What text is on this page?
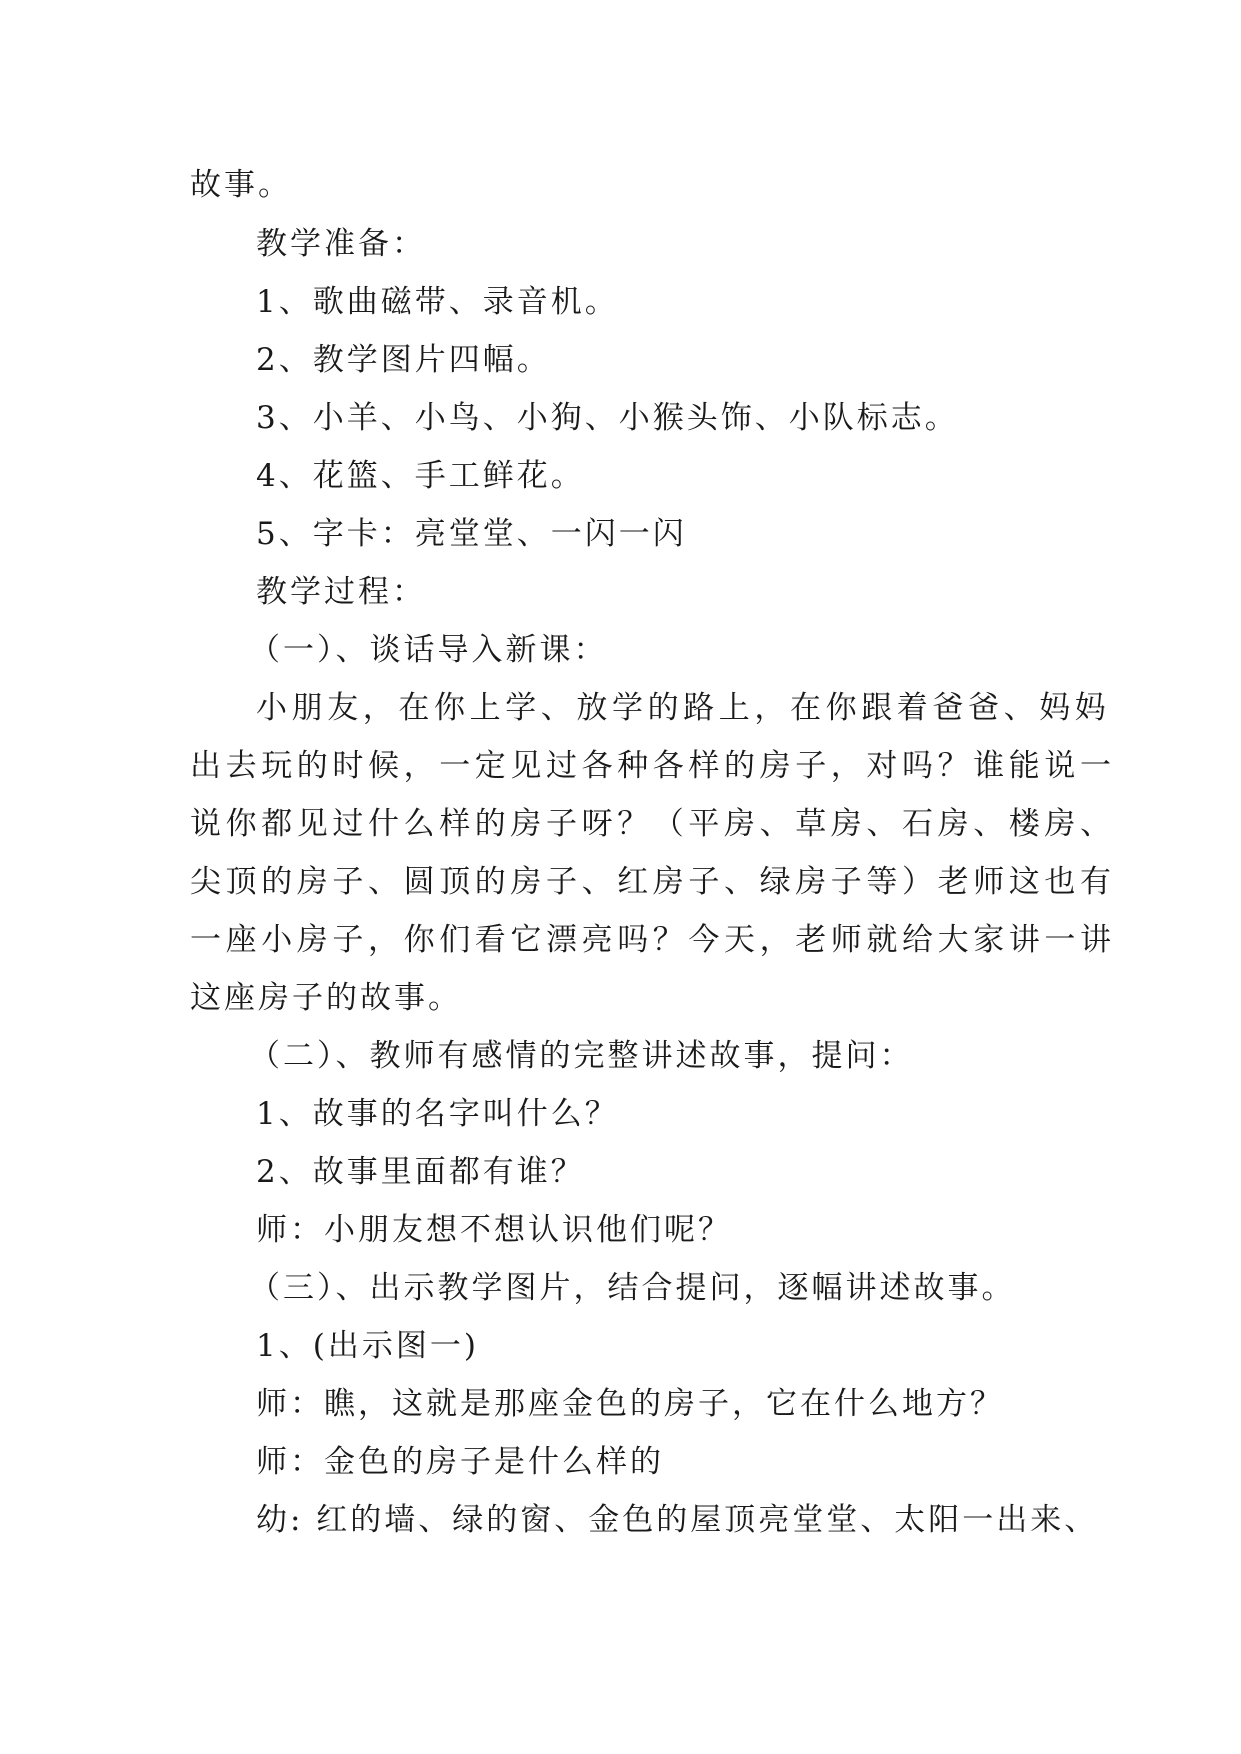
故事。
教学准备：
1、歌曲磁带、录音机。
2、教学图片四幅。
3、小羊、小鸟、小狗、小猴头饰、小队标志。
4、花篮、手工鲜花。
5、字卡：亮堂堂、一闪一闪
教学过程：
（一）、谈话导入新课：
小朋友，在你上学、放学的路上，在你跟着爸爸、妈妈
出去玩的时候，一定见过各种各样的房子，对吗？谁能说一
说你都见过什么样的房子呀？（平房、草房、石房、楼房、
尖顶的房子、圆顶的房子、红房子、绿房子等）老师这也有
一座小房子，你们看它漂亮吗？今天，老师就给大家讲一讲
这座房子的故事。
（二）、教师有感情的完整讲述故事，提问：
1、故事的名字叫什么？
2、故事里面都有谁？
师：小朋友想不想认识他们呢？
（三）、出示教学图片，结合提问，逐幅讲述故事。
1、(出示图一)
师：瞧，这就是那座金色的房子，它在什么地方？
师：金色的房子是什么样的
幼: 红的墙、绿的窗、金色的屋顶亮堂堂、太阳一出来、
